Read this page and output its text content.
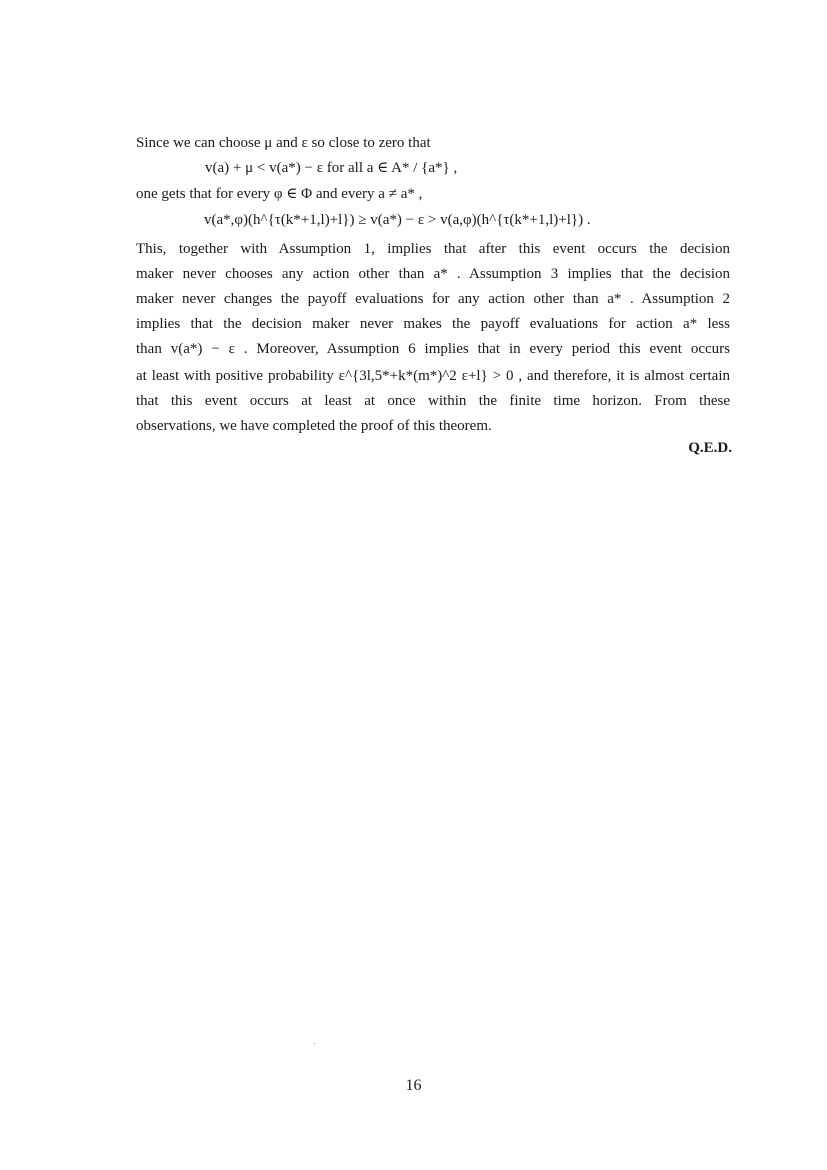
Since we can choose μ and ε so close to zero that
v(a) + μ < v(a*) − ε for all a ∈ A* / {a*} ,
one gets that for every φ ∈ Φ and every a ≠ a* ,
v(a*,φ)(h^{τ(k*+1,l)+l}) ≥ v(a*) − ε > v(a,φ)(h^{τ(k*+1,l)+l}) .
This, together with Assumption 1, implies that after this event occurs the decision
maker never chooses any action other than a* . Assumption 3 implies that the decision
maker never changes the payoff evaluations for any action other than a* . Assumption 2
implies that the decision maker never makes the payoff evaluations for action a* less
than v(a*) − ε . Moreover, Assumption 6 implies that in every period this event occurs
at least with positive probability ε^{3l,5*+k*(m*)^2 ε+l} > 0 , and therefore, it is almost certain
that this event occurs at least at once within the finite time horizon. From these
observations, we have completed the proof of this theorem.
Q.E.D.
16
